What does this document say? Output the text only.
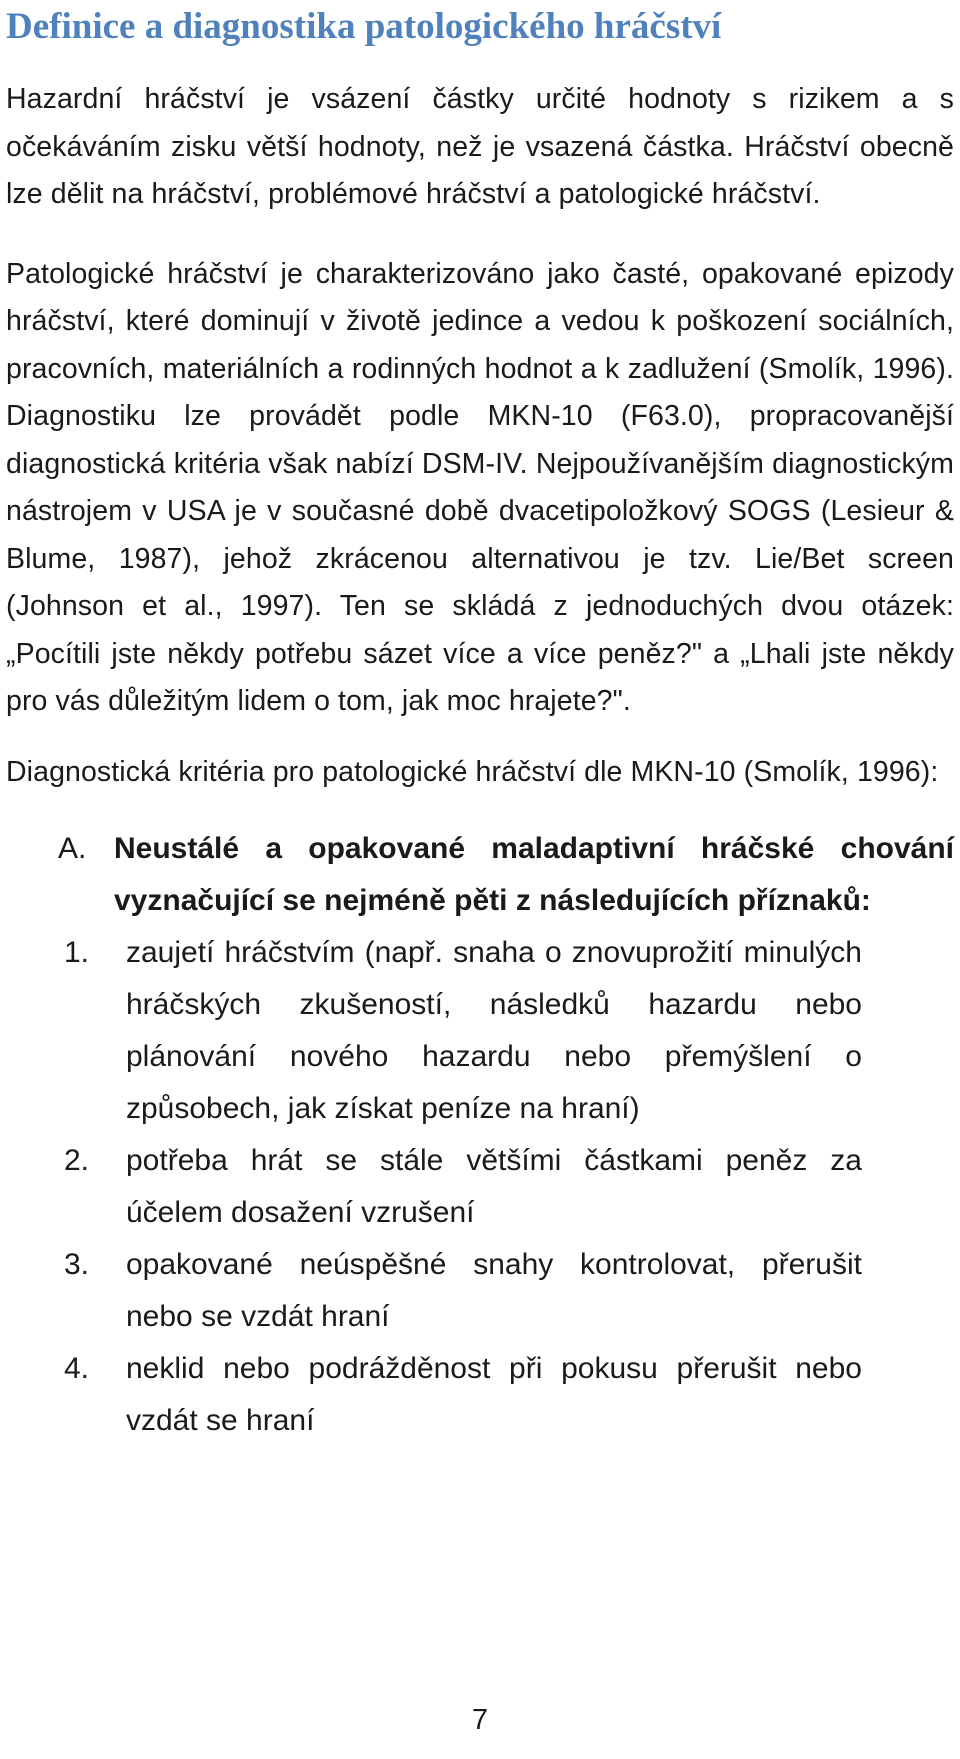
Definice a diagnostika patologického hráčství

Hazardní hráčství je vsázení částky určité hodnoty s rizikem a s očekáváním zisku větší hodnoty, než je vsazená částka. Hráčství obecně lze dělit na hráčství, problémové hráčství a patologické hráčství.

Patologické hráčství je charakterizováno jako časté, opakované epizody hráčství, které dominují v životě jedince a vedou k poškození sociálních, pracovních, materiálních a rodinných hodnot a k zadlužení (Smolík, 1996). Diagnostiku lze provádět podle MKN-10 (F63.0), propracovanější diagnostická kritéria však nabízí DSM-IV. Nejpoužívanějším diagnostickým nástrojem v USA je v současné době dvacetipoložkový SOGS (Lesieur & Blume, 1987), jehož zkrácenou alternativou je tzv. Lie/Bet screen (Johnson et al., 1997). Ten se skládá z jednoduchých dvou otázek: „Pocítili jste někdy potřebu sázet více a více peněz?" a „Lhali jste někdy pro vás důležitým lidem o tom, jak moc hrajete?".

Diagnostická kritéria pro patologické hráčství dle MKN-10 (Smolík, 1996):

A. Neustálé a opakované maladaptivní hráčské chování vyznačující se nejméně pěti z následujících příznaků:

1. zaujetí hráčstvím (např. snaha o znovuprožití minulých hráčských zkušeností, následků hazardu nebo plánování nového hazardu nebo přemýšlení o způsobech, jak získat peníze na hraní)
2. potřeba hrát se stále většími částkami peněz za účelem dosažení vzrušení
3. opakované neúspěšné snahy kontrolovat, přerušit nebo se vzdát hraní
4. neklid nebo podrážděnost při pokusu přerušit nebo vzdát se hraní
7
